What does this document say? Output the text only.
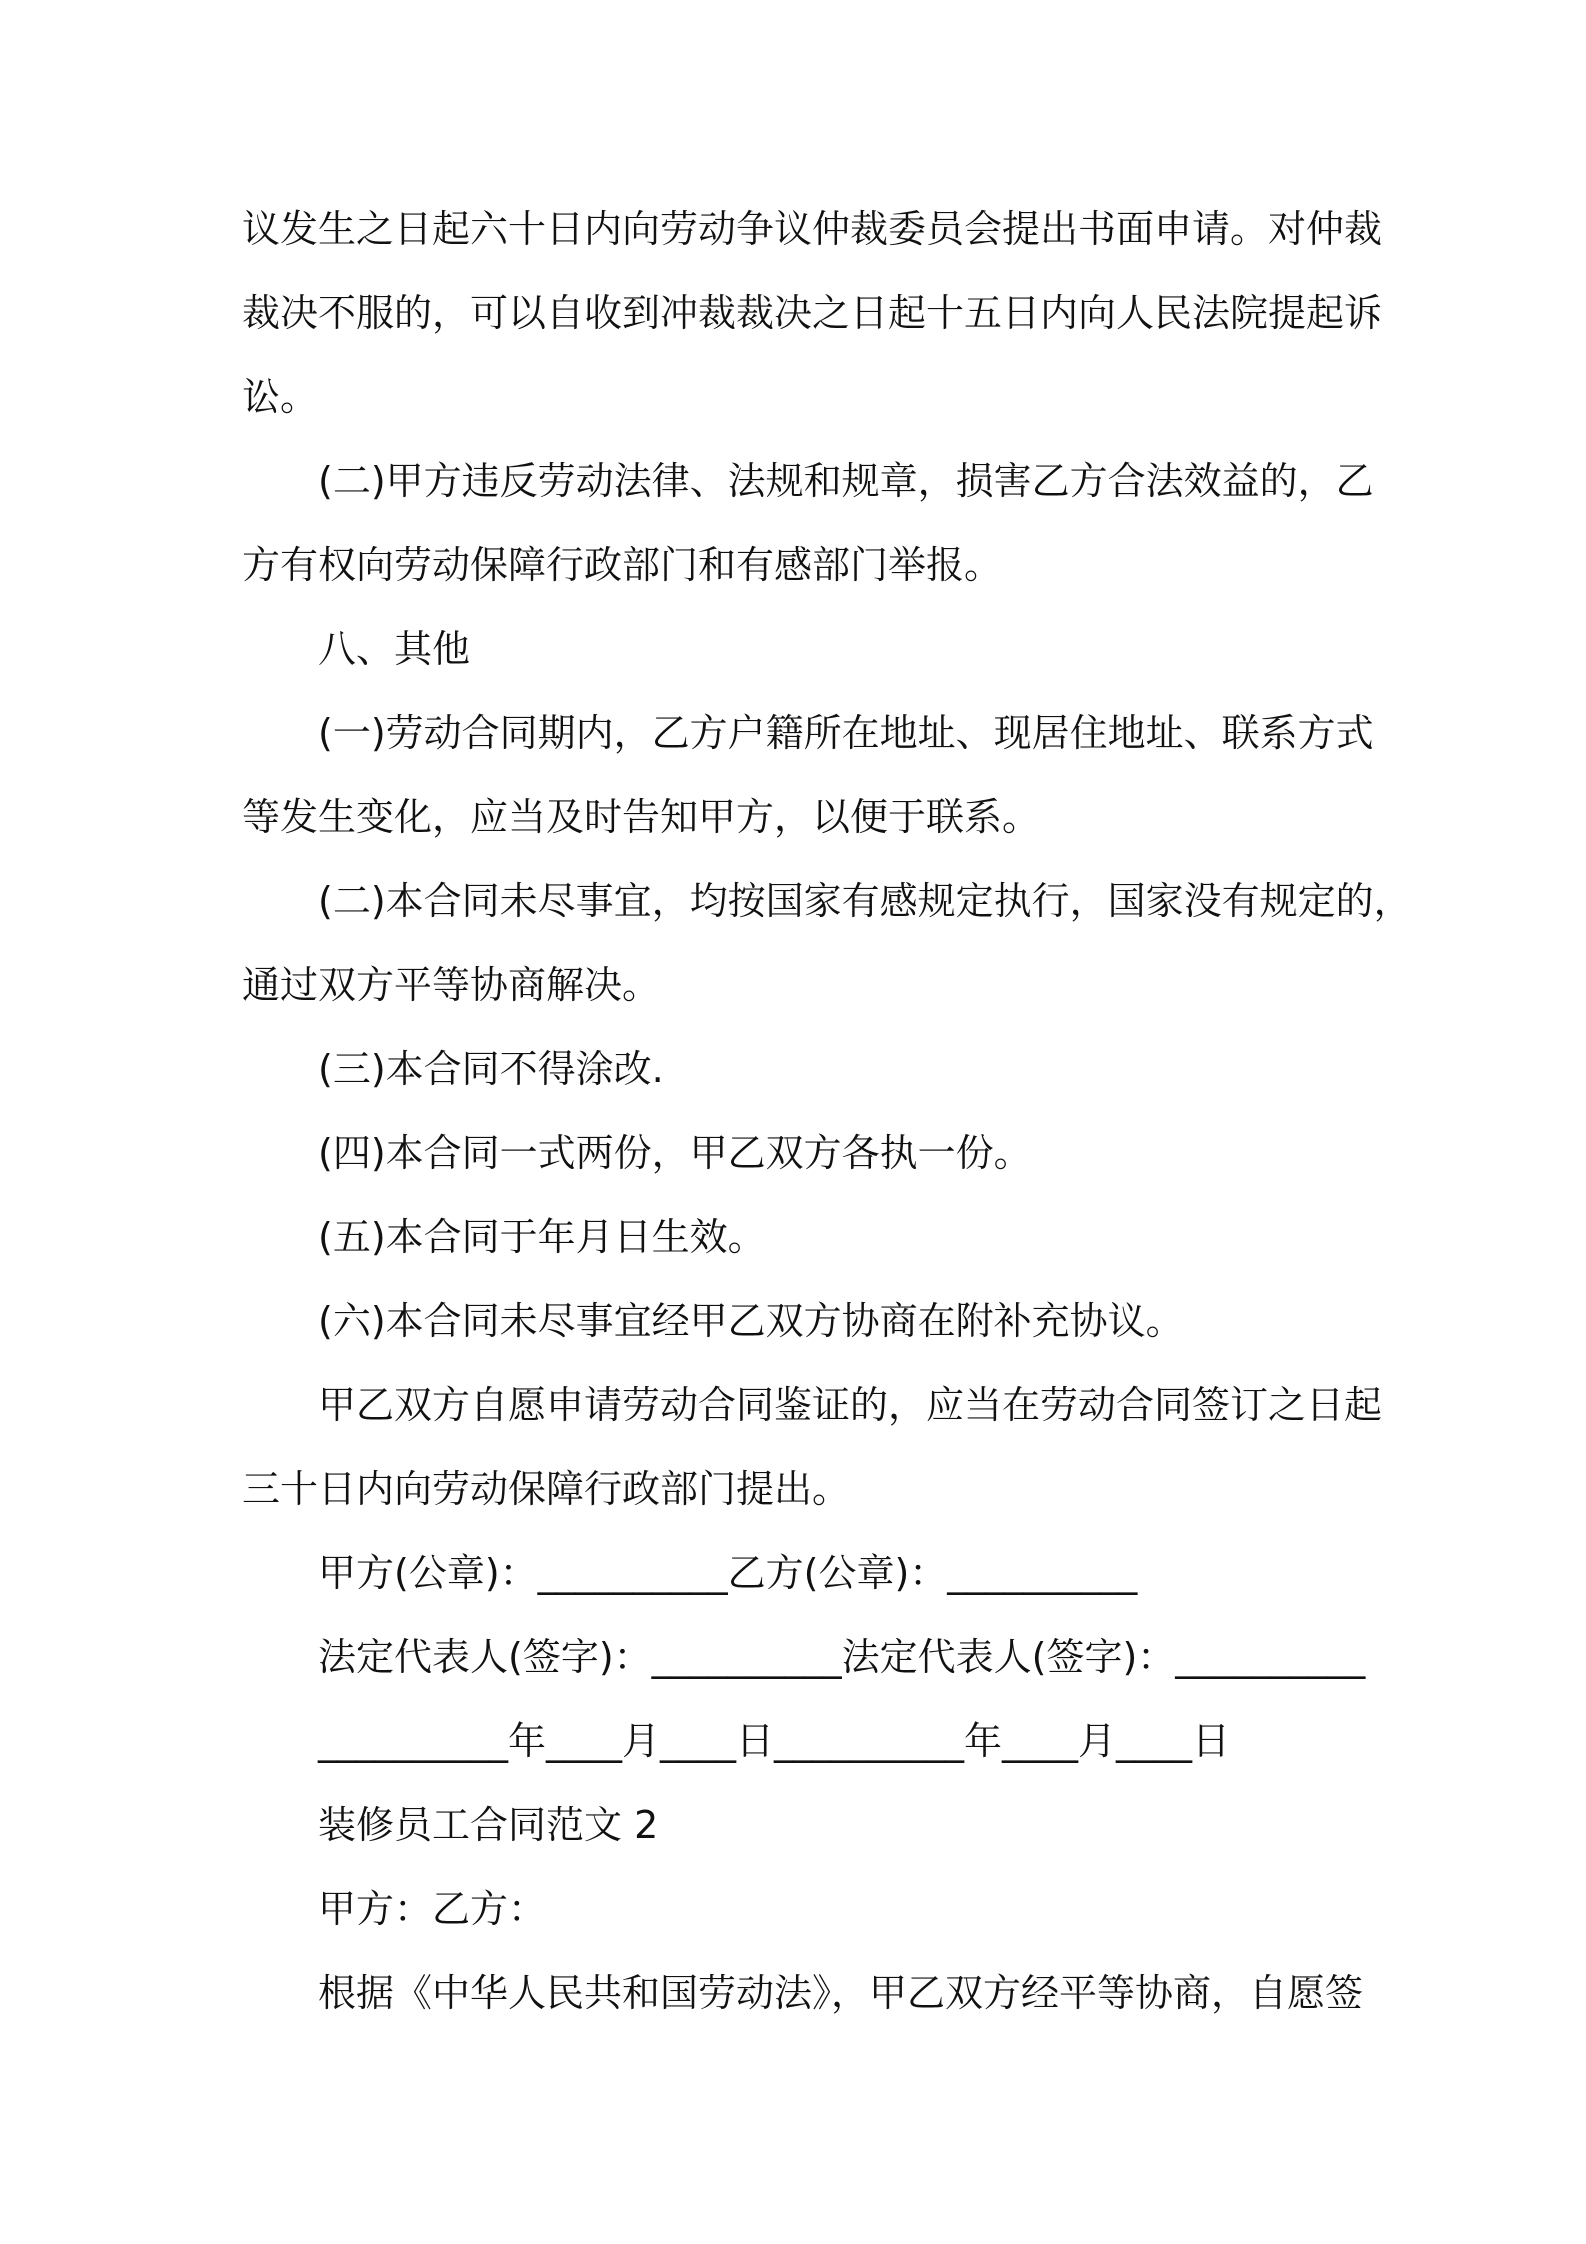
议发生之日起六十日内向劳动争议仲裁委员会提出书面申请。对仲裁
裁决不服的，可以自收到冲裁裁决之日起十五日内向人民法院提起诉
讼。
(二)甲方违反劳动法律、法规和规章，损害乙方合法效益的，乙
方有权向劳动保障行政部门和有感部门举报。
八、其他
(一)劳动合同期内，乙方户籍所在地址、现居住地址、联系方式
等发生变化，应当及时告知甲方，以便于联系。
(二)本合同未尽事宜，均按国家有感规定执行，国家没有规定的，
通过双方平等协商解决。
(三)本合同不得涂改.
(四)本合同一式两份，甲乙双方各执一份。
(五)本合同于年月日生效。
(六)本合同未尽事宜经甲乙双方协商在附补充协议。
甲乙双方自愿申请劳动合同鉴证的，应当在劳动合同签订之日起
三十日内向劳动保障行政部门提出。
甲方(公章)：__________乙方(公章)：__________
法定代表人(签字)：__________法定代表人(签字)：__________
__________年____月____日__________年____月____日
装修员工合同范文 2
甲方：乙方：
根据《中华人民共和国劳动法》，甲乙双方经平等协商，自愿签
